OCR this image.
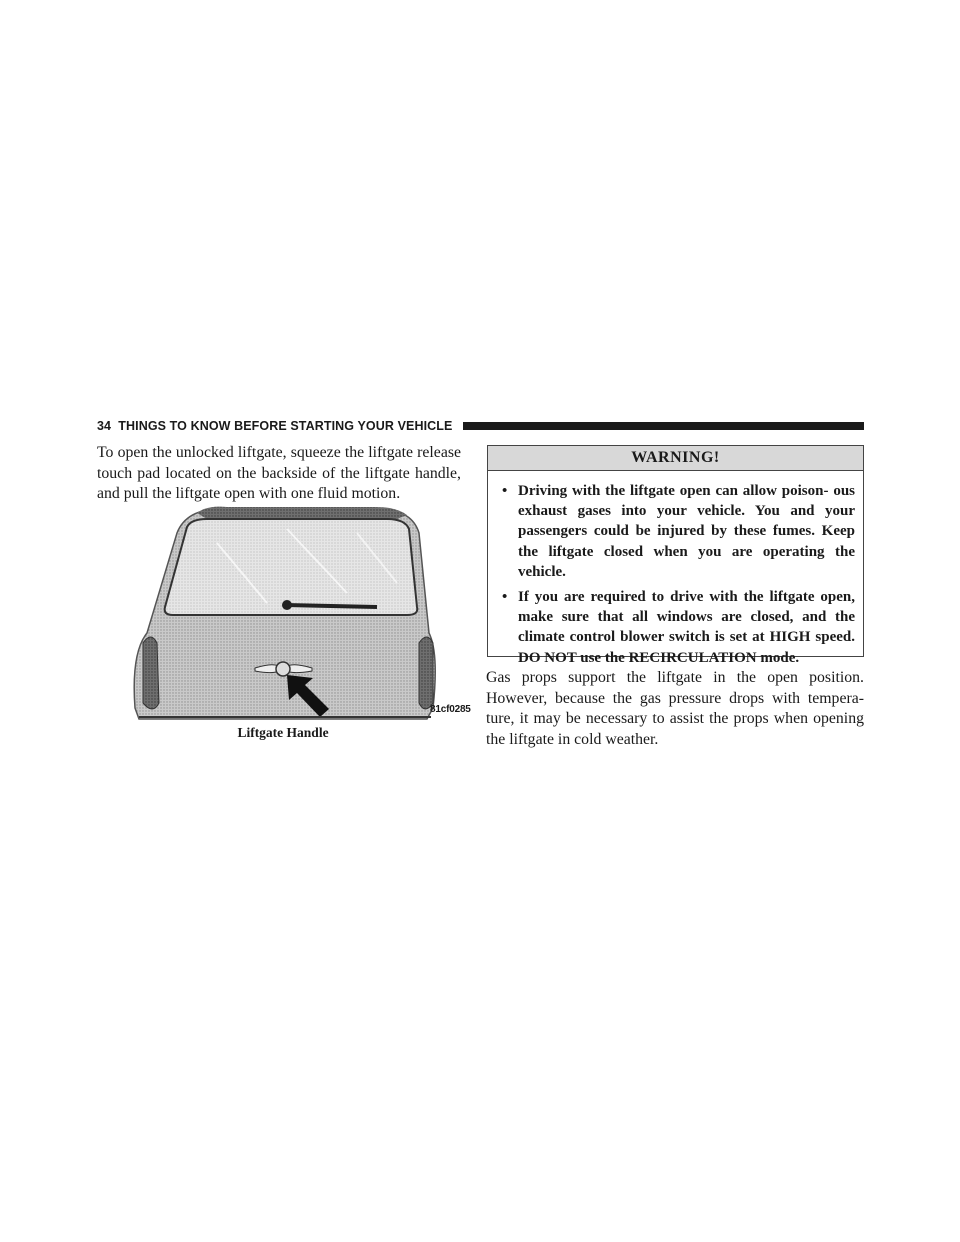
34 THINGS TO KNOW BEFORE STARTING YOUR VEHICLE
To open the unlocked liftgate, squeeze the liftgate release touch pad located on the backside of the liftgate handle, and pull the liftgate open with one fluid motion.
81cf0285
Liftgate Handle
WARNING!
• Driving with the liftgate open can allow poison- ous exhaust gases into your vehicle. You and your passengers could be injured by these fumes. Keep the liftgate closed when you are operating the vehicle.
• If you are required to drive with the liftgate open, make sure that all windows are closed, and the climate control blower switch is set at HIGH speed. DO NOT use the RECIRCULATION mode.
Gas props support the liftgate in the open position. However, because the gas pressure drops with tempera- ture, it may be necessary to assist the props when opening the liftgate in cold weather.
